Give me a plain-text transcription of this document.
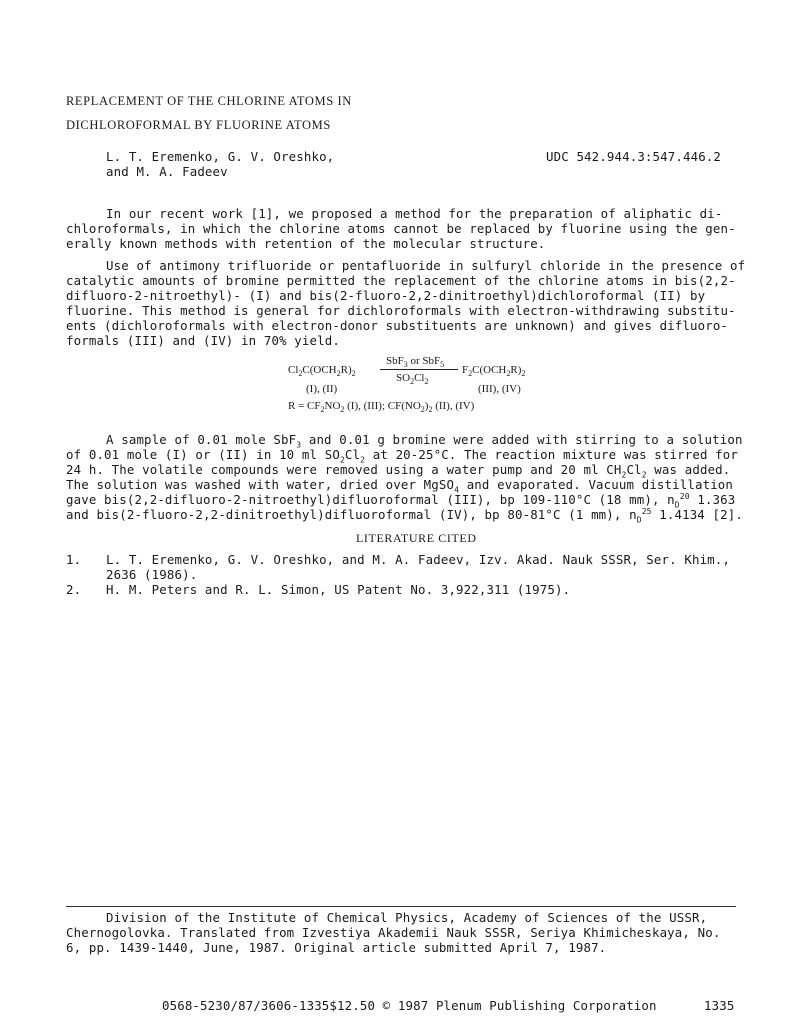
REPLACEMENT OF THE CHLORINE ATOMS IN
DICHLOROFORMAL BY FLUORINE ATOMS
L. T. Eremenko, G. V. Oreshko,
and M. A. Fadeev
UDC 542.944.3:547.446.2
In our recent work [1], we proposed a method for the preparation of aliphatic di-
chloroformals, in which the chlorine atoms cannot be replaced by fluorine using the gen-
erally known methods with retention of the molecular structure.
Use of antimony trifluoride or pentafluoride in sulfuryl chloride in the presence of
catalytic amounts of bromine permitted the replacement of the chlorine atoms in bis(2,2-
difluoro-2-nitroethyl)- (I) and bis(2-fluoro-2,2-dinitroethyl)dichloroformal (II) by
fluorine. This method is general for dichloroformals with electron-withdrawing substitu-
ents (dichloroformals with electron-donor substituents are unknown) and gives difluoro-
formals (III) and (IV) in 70% yield.
$Cl_2C(OCH_2R)_2$
SbF$_3$ or SbF$_5$
$SO_2Cl_2$
$F_2C(OCH_2R)_2$
(I), (II)	(III), (IV)
$R = CF_2NO_2$ (I), (III); $CF(NO_2)_2$ (II), (IV)
A sample of 0.01 mole SbF$_3$ and 0.01 g bromine were added with stirring to a solution
of 0.01 mole (I) or (II) in 10 ml $SO_2Cl_2$ at 20-25°C. The reaction mixture was stirred for
24 h. The volatile compounds were removed using a water pump and 20 ml $CH_2Cl_2$ was added.
The solution was washed with water, dried over MgSO$_4$ and evaporated. Vacuum distillation
gave bis(2,2-difluoro-2-nitroethyl)difluoroformal (III), bp 109-110°C (18 mm), $n_D^{20}$ 1.363
and bis(2-fluoro-2,2-dinitroethyl)difluoroformal (IV), bp 80-81°C (1 mm), $n_D^{25}$ 1.4134 [2].
LITERATURE CITED
1. L. T. Eremenko, G. V. Oreshko, and M. A. Fadeev, Izv. Akad. Nauk SSSR, Ser. Khim.,
2636 (1986).
2. H. M. Peters and R. L. Simon, US Patent No. 3,922,311 (1975).
Division of the Institute of Chemical Physics, Academy of Sciences of the USSR,
Chernogolovka. Translated from Izvestiya Akademii Nauk SSSR, Seriya Khimicheskaya, No.
6, pp. 1439-1440, June, 1987. Original article submitted April 7, 1987.
0568-5230/87/3606-1335$12.50 © 1987 Plenum Publishing Corporation	1335
